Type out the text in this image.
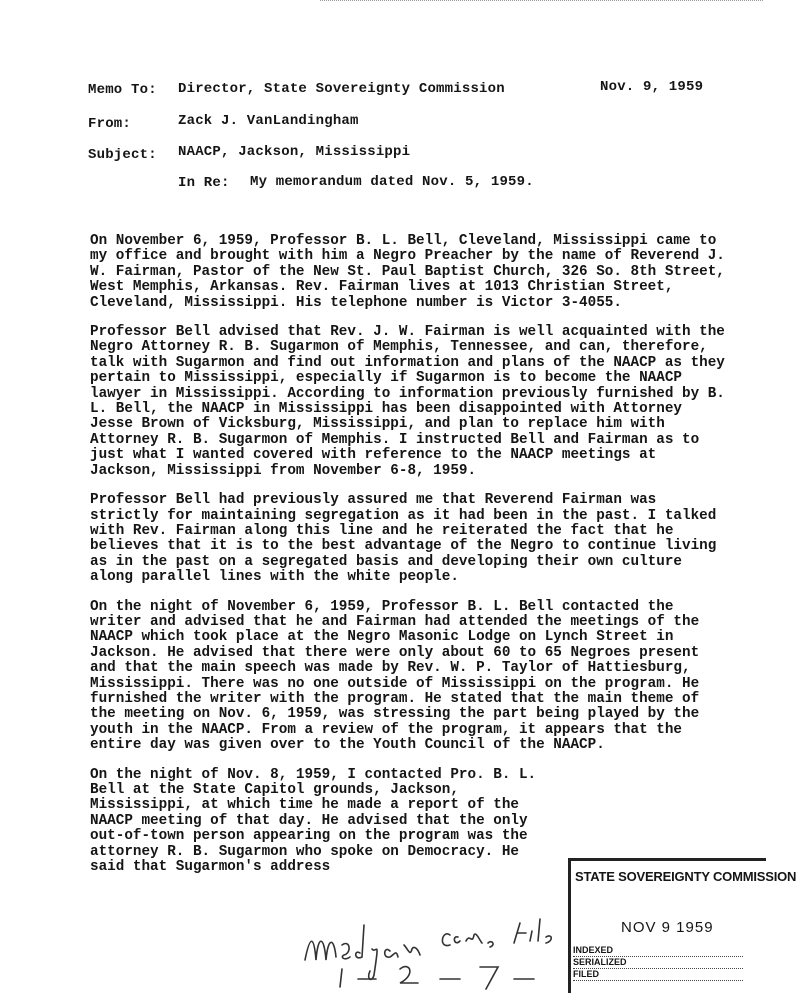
Memo To: Director, State Sovereignty Commission	Nov. 9, 1959
From:	Zack J. VanLandingham
Subject: NAACP, Jackson, Mississippi
In Re: My memorandum dated Nov. 5, 1959.

On November 6, 1959, Professor B. L. Bell, Cleveland, Mississippi came to my office and brought with him a Negro Preacher by the name of Reverend J. W. Fairman, Pastor of the New St. Paul Baptist Church, 326 So. 8th Street, West Memphis, Arkansas. Rev. Fairman lives at 1013 Christian Street, Cleveland, Mississippi. His telephone number is Victor 3-4055.

Professor Bell advised that Rev. J. W. Fairman is well acquainted with the Negro Attorney R. B. Sugarmon of Memphis, Tennessee, and can, therefore, talk with Sugarmon and find out information and plans of the NAACP as they pertain to Mississippi, especially if Sugarmon is to become the NAACP lawyer in Mississippi. According to information previously furnished by B. L. Bell, the NAACP in Mississippi has been disappointed with Attorney Jesse Brown of Vicksburg, Mississippi, and plan to replace him with Attorney R. B. Sugarmon of Memphis. I instructed Bell and Fairman as to just what I wanted covered with reference to the NAACP meetings at Jackson, Mississippi from November 6-8, 1959.

Professor Bell had previously assured me that Reverend Fairman was strictly for maintaining segregation as it had been in the past. I talked with Rev. Fairman along this line and he reiterated the fact that he believes that it is to the best advantage of the Negro to continue living as in the past on a segregated basis and developing their own culture along parallel lines with the white people.

On the night of November 6, 1959, Professor B. L. Bell contacted the writer and advised that he and Fairman had attended the meetings of the NAACP which took place at the Negro Masonic Lodge on Lynch Street in Jackson. He advised that there were only about 60 to 65 Negroes present and that the main speech was made by Rev. W. P. Taylor of Hattiesburg, Mississippi. There was no one outside of Mississippi on the program. He furnished the writer with the program. He stated that the main theme of the meeting on Nov. 6, 1959, was stressing the part being played by the youth in the NAACP. From a review of the program, it appears that the entire day was given over to the Youth Council of the NAACP.

On the night of Nov. 8, 1959, I contacted Pro. B. L. Bell at the State Capitol grounds, Jackson, Mississippi, at which time he made a report of the NAACP meeting of that day. He advised that the only out-of-town person appearing on the program was the attorney R. B. Sugarmon who spoke on Democracy. He said that Sugarmon's address

STATE SOVEREIGNTY COMMISSION
NOV 9 1959
INDEXED
SERIALIZED
FILED
